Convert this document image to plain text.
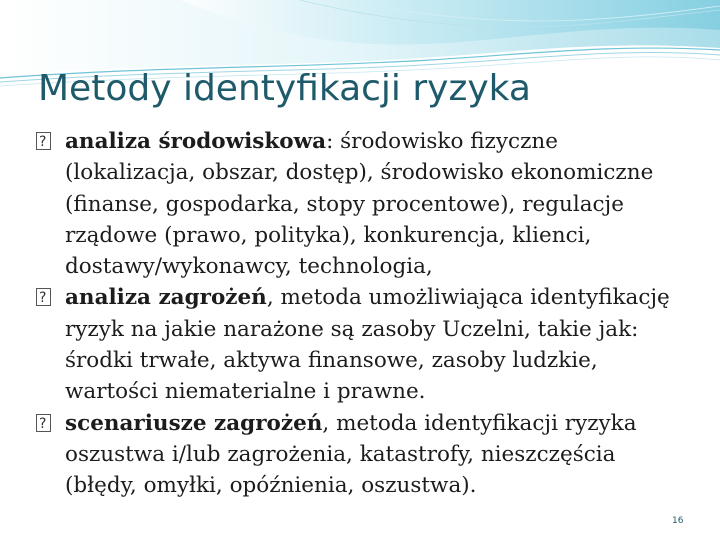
Metody identyfikacji ryzyka

?
analiza środowiskowa: środowisko fizyczne (lokalizacja, obszar, dostęp), środowisko ekonomiczne (finanse, gospodarka, stopy procentowe), regulacje rządowe (prawo, polityka), konkurencja, klienci, dostawy/wykonawcy, technologia,

?
analiza zagrożeń, metoda umożliwiająca identyfikację ryzyk na jakie narażone są zasoby Uczelni, takie jak: środki trwałe, aktywa finansowe, zasoby ludzkie, wartości niematerialne i prawne.

?
scenariusze zagrożeń, metoda identyfikacji ryzyka oszustwa i/lub zagrożenia, katastrofy, nieszczęścia (błędy, omyłki, opóźnienia, oszustwa).

16
